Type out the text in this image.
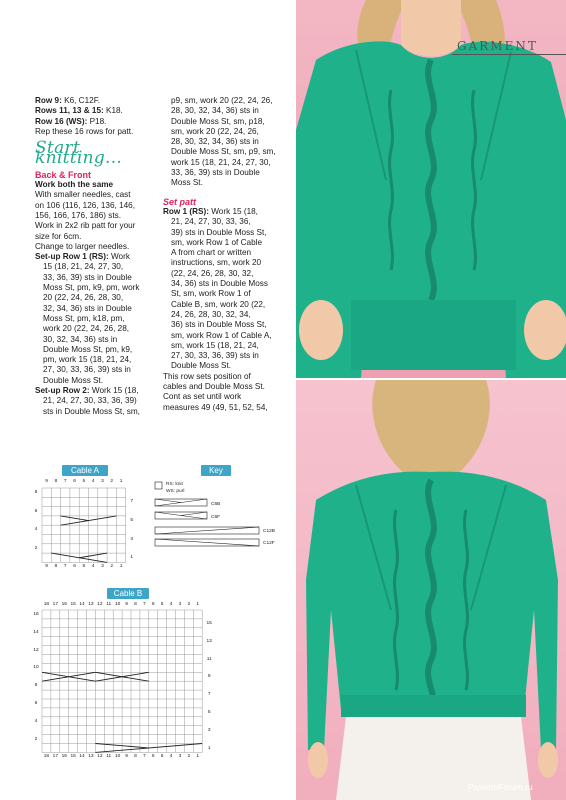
Row 9: K6, C12F.

Rows 11, 13 & 15: K18.

Row 16 (WS): P18.

Rep these 16 rows for patt.

Start knitting...

Back & Front

Work both the same

With smaller needles, cast

on 106 (116, 126, 136, 146,

156, 166, 176, 186) sts.

Work in 2x2 rib patt for your

size for 6cm.

Change to larger needles.

Set-up Row 1 (RS): Work

15 (18, 21, 24, 27, 30,

33, 36, 39) sts in Double

Moss St, pm, k9, pm, work

20 (22, 24, 26, 28, 30,

32, 34, 36) sts in Double

Moss St, pm, k18, pm,

work 20 (22, 24, 26, 28,

30, 32, 34, 36) sts in

Double Moss St, pm, k9,

pm, work 15 (18, 21, 24,

27, 30, 33, 36, 39) sts in

Double Moss St.

Set-up Row 2: Work 15 (18,

21, 24, 27, 30, 33, 36, 39)

sts in Double Moss St, sm,

p9, sm, work 20 (22, 24, 26,

28, 30, 32, 34, 36) sts in

Double Moss St, sm, p18,

sm, work 20 (22, 24, 26,

28, 30, 32, 34, 36) sts in

Double Moss St, sm, p9, sm,

work 15 (18, 21, 24, 27, 30,

33, 36, 39) sts in Double

Moss St.

Set patt

Row 1 (RS): Work 15 (18,

21, 24, 27, 30, 33, 36,

39) sts in Double Moss St,

sm, work Row 1 of Cable

A from chart or written

instructions, sm, work 20

(22, 24, 26, 28, 30, 32,

34, 36) sts in Double Moss

St, sm, work Row 1 of

Cable B, sm, work 20 (22,

24, 26, 28, 30, 32, 34,

36) sts in Double Moss St,

sm, work Row 1 of Cable A,

sm, work 15 (18, 21, 24,

27, 30, 33, 36, 39) sts in

Double Moss St.

This row sets position of

cables and Double Moss St.

Cont as set until work

measures 49 (49, 51, 52, 54,

Cable A
9
9
8
8
7
7
6
6
5
5
4
4
3
3
2
2
1
1
8
6
4
2
7
5
3
1
Key
RS: knit
WS: purl
C6B
C6F
C12B
C12F
Cable B
18
18
17
17
16
16
15
15
14
14
13
13
12
12
11
11
10
10
9
9
8
8
7
7
6
6
5
5
4
4
3
3
2
2
1
1
16
14
12
10
8
6
4
2
15
13
11
9
7
5
3
1
GARMENT
PassionForum.ru
